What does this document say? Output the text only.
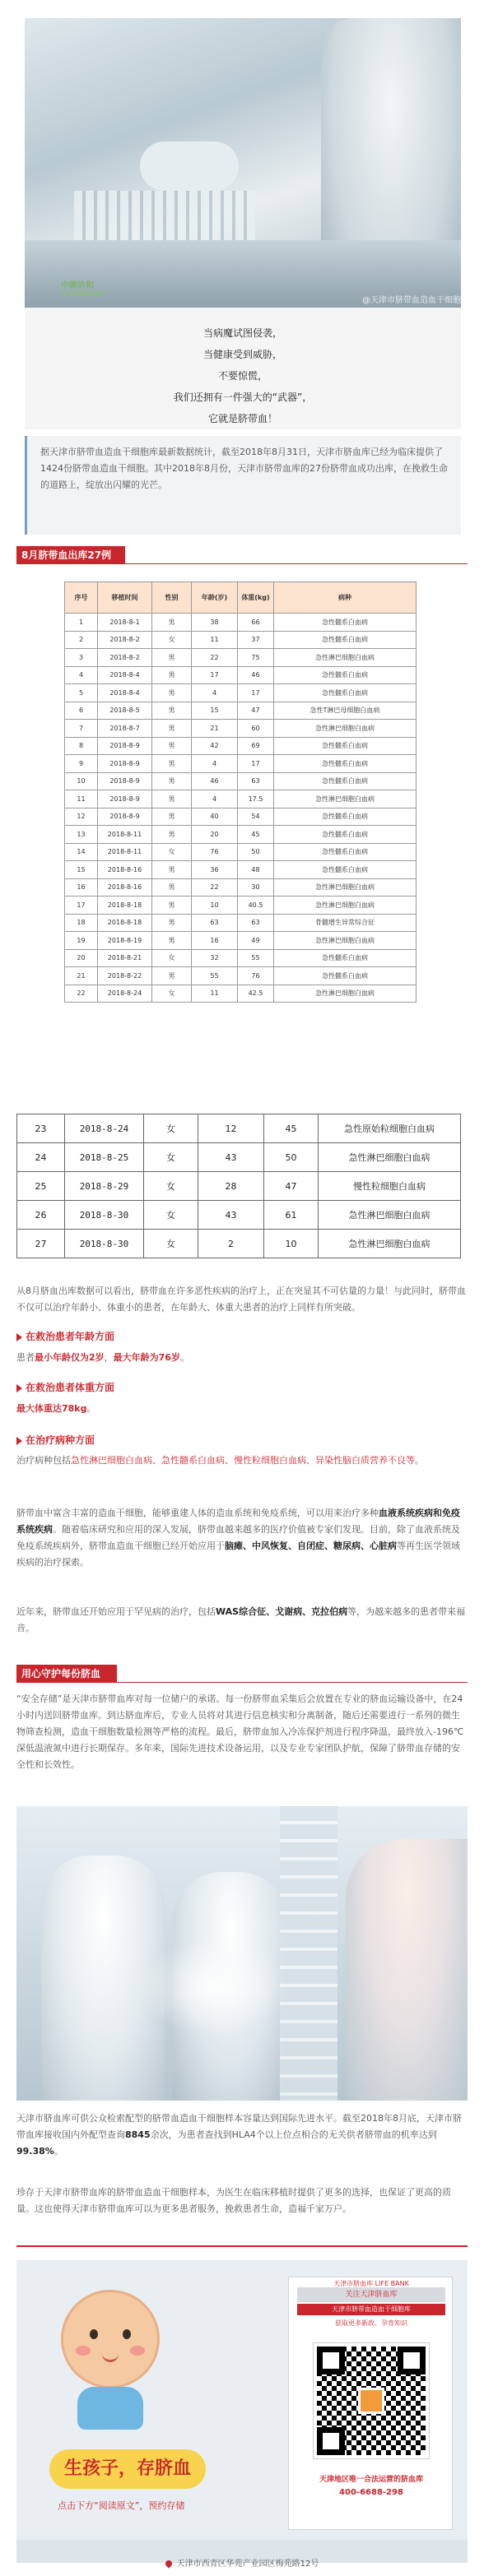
中源协和
VCANBIO
@天津市脐带血造血干细胞

当病魔试图侵袭，

当健康受到威胁，

不要惊慌，

我们还拥有一件强大的“武器”，

它就是脐带血！

据天津市脐带血造血干细胞库最新数据统计，截至2018年8月31日，天津市脐血库已经为临床提供了1424份脐带血造血干细胞。其中2018年8月份，天津市脐带血库的27份脐带血成功出库，在挽救生命的道路上，绽放出闪耀的光芒。
8月脐带血出库27例
序号	移植时间	性别	年龄(岁)	体重(kg)	病种
1	2018-8-1	男	38	66	急性髓系白血病
2	2018-8-2	女	11	37	急性髓系白血病
3	2018-8-2	男	22	75	急性淋巴细胞白血病
4	2018-8-4	男	17	46	急性髓系白血病
5	2018-8-4	男	4	17	急性髓系白血病
6	2018-8-5	男	15	47	急性T淋巴母细胞白血病
7	2018-8-7	男	21	60	急性淋巴细胞白血病
8	2018-8-9	男	42	69	急性髓系白血病
9	2018-8-9	男	4	17	急性髓系白血病
10	2018-8-9	男	46	63	急性髓系白血病
11	2018-8-9	男	4	17.5	急性淋巴细胞白血病
12	2018-8-9	男	40	54	急性髓系白血病
13	2018-8-11	男	20	45	急性髓系白血病
14	2018-8-11	女	76	50	急性髓系白血病
15	2018-8-16	男	36	48	急性髓系白血病
16	2018-8-16	男	22	30	急性淋巴细胞白血病
17	2018-8-18	男	10	40.5	急性淋巴细胞白血病
18	2018-8-18	男	63	63	骨髓增生异常综合征
19	2018-8-19	男	16	49	急性淋巴细胞白血病
20	2018-8-21	女	32	55	急性髓系白血病
21	2018-8-22	男	55	76	急性髓系白血病
22	2018-8-24	女	11	42.5	急性淋巴细胞白血病
23	2018-8-24	女	12	45	急性原始粒细胞白血病
24	2018-8-25	女	43	50	急性淋巴细胞白血病
25	2018-8-29	女	28	47	慢性粒细胞白血病
26	2018-8-30	女	43	61	急性淋巴细胞白血病
27	2018-8-30	女	2	10	急性淋巴细胞白血病
从8月脐血出库数据可以看出，脐带血在许多恶性疾病的治疗上，正在突显其不可估量的力量！与此同时，脐带血不仅可以治疗年龄小、体重小的患者，在年龄大、体重大患者的治疗上同样有所突破。
在救治患者年龄方面
患者最小年龄仅为2岁，最大年龄为76岁。
在救治患者体重方面
最大体重达78kg。
在治疗病种方面
治疗病种包括急性淋巴细胞白血病、急性髓系白血病、慢性粒细胞白血病、异染性脑白质营养不良等。
脐带血中富含丰富的造血干细胞，能够重建人体的造血系统和免疫系统，可以用来治疗多种血液系统疾病和免疫系统疾病。随着临床研究和应用的深入发展，脐带血越来越多的医疗价值被专家们发现。目前，除了血液系统及免疫系统疾病外，脐带血造血干细胞已经开始应用于脑瘫、中风恢复、自闭症、糖尿病、心脏病等再生医学领域疾病的治疗探索。
近年来，脐带血还开始应用于罕见病的治疗，包括WAS综合征、戈谢病、克拉伯病等，为越来越多的患者带来福音。
用心守护每份脐血
“安全存储”是天津市脐带血库对每一位储户的承诺。每一份脐带血采集后会放置在专业的脐血运输设备中，在24小时内送回脐带血库。到达脐血库后，专业人员将对其进行信息核实和分离制备，随后还需要进行一系列的微生物筛查检测，造血干细胞数量检测等严格的流程。最后，脐带血加入冷冻保护剂进行程序降温，最终放入-196℃深低温液氮中进行长期保存。多年来，国际先进技术设备运用，以及专业专家团队护航，保障了脐带血存储的安全性和长效性。
天津市脐血库可供公众检索配型的脐带血造血干细胞样本容量达到国际先进水平。截至2018年8月底，天津市脐带血库接收国内外配型查询8845余次，为患者查找到HLA4个以上位点相合的无关供者脐带血的机率达到99.38%。
珍存于天津市脐带血库的脐带血造血干细胞样本，为医生在临床移植时提供了更多的选择，也保证了更高的质量。这也使得天津市脐带血库可以为更多患者服务，挽救患者生命，造福千家万户。
生孩子，存脐血
点击下方“阅读原文”，预约存储
天津市脐血库 LIFE BANK
关注天津脐血库
天津市脐带血造血干细胞库
获取更多新政、孕育知识
天津地区唯一合法运营的脐血库
400-6688-298
天津市西青区华苑产业园区梅苑路12号
